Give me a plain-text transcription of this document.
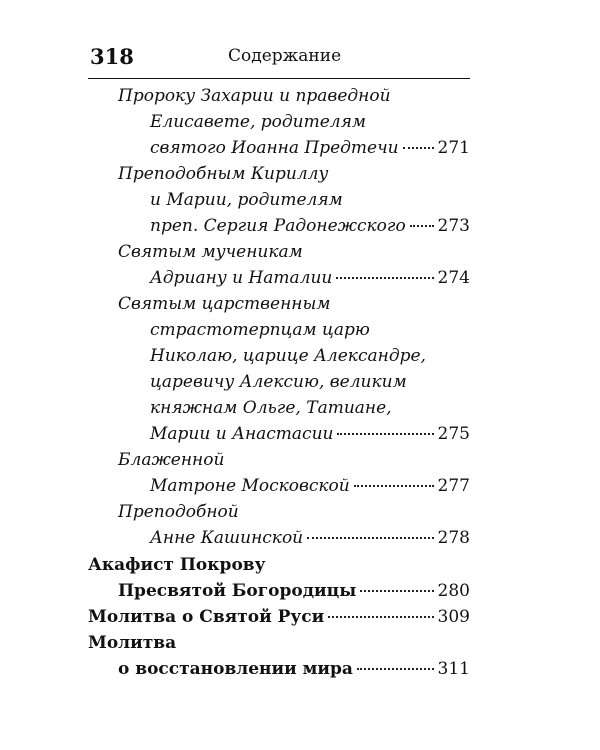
318	Содержание
Пророку Захарии и праведной
Елисавете, родителям
святого Иоанна Предтечи 271
Преподобным Кириллу
и Марии, родителям
преп. Сергия Радонежского 273
Святым мученикам
Адриану и Наталии	274
Святым царственным
страстотерпцам царю
Николаю, царице Александре,
царевичу Алексию, великим
княжнам Ольге, Татиане,
Марии и Анастасии	275
Блаженной
Матроне Московской	277
Преподобной
Анне Кашинской	278
Акафист Покрову
Пресвятой Богородицы	280
Молитва о Святой Руси	309
Молитва
о восстановлении мира	311
